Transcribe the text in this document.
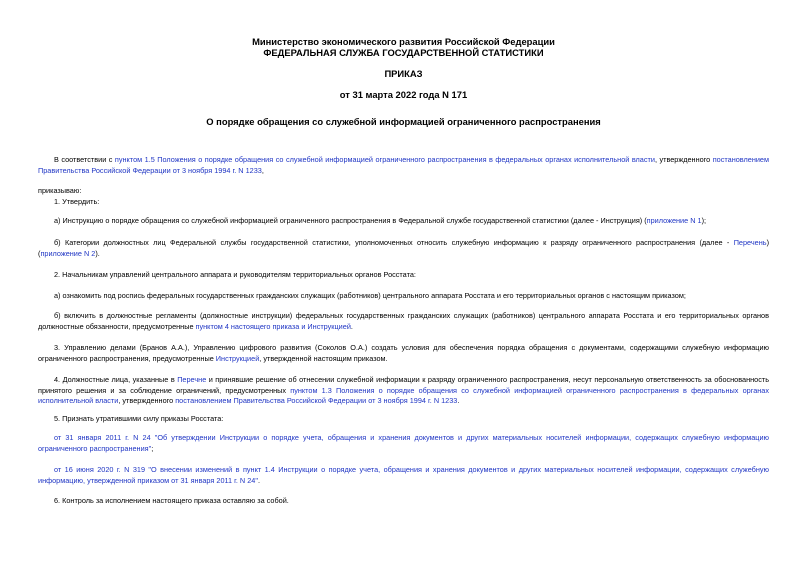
Министерство экономического развития Российской Федерации

ФЕДЕРАЛЬНАЯ СЛУЖБА ГОСУДАРСТВЕННОЙ СТАТИСТИКИ

ПРИКАЗ

от 31 марта 2022 года N 171

О порядке обращения со служебной информацией ограниченного распространения

В соответствии с пунктом 1.5 Положения о порядке обращения со служебной информацией ограниченного распространения в федеральных органах исполнительной власти, утвержденного постановлением Правительства Российской Федерации от 3 ноября 1994 г. N 1233,

приказываю:

1. Утвердить:

а) Инструкцию о порядке обращения со служебной информацией ограниченного распространения в Федеральной службе государственной статистики (далее - Инструкция) (приложение N 1);

б) Категории должностных лиц Федеральной службы государственной статистики, уполномоченных относить служебную информацию к разряду ограниченного распространения (далее - Перечень) (приложение N 2).

2. Начальникам управлений центрального аппарата и руководителям территориальных органов Росстата:

а) ознакомить под роспись федеральных государственных гражданских служащих (работников) центрального аппарата Росстата и его территориальных органов с настоящим приказом;

б) включить в должностные регламенты (должностные инструкции) федеральных государственных гражданских служащих (работников) центрального аппарата Росстата и его территориальных органов должностные обязанности, предусмотренные пунктом 4 настоящего приказа и Инструкцией.

3. Управлению делами (Бранов А.А.), Управлению цифрового развития (Соколов О.А.) создать условия для обеспечения порядка обращения с документами, содержащими служебную информацию ограниченного распространения, предусмотренные Инструкцией, утвержденной настоящим приказом.

4. Должностные лица, указанные в Перечне и принявшие решение об отнесении служебной информации к разряду ограниченного распространения, несут персональную ответственность за обоснованность принятого решения и за соблюдение ограничений, предусмотренных пунктом 1.3 Положения о порядке обращения со служебной информацией ограниченного распространения в федеральных органах исполнительной власти, утвержденного постановлением Правительства Российской Федерации от 3 ноября 1994 г. N 1233.

5. Признать утратившими силу приказы Росстата:

от 31 января 2011 г. N 24 "Об утверждении Инструкции о порядке учета, обращения и хранения документов и других материальных носителей информации, содержащих служебную информацию ограниченного распространения";

от 16 июня 2020 г. N 319 "О внесении изменений в пункт 1.4 Инструкции о порядке учета, обращения и хранения документов и других материальных носителей информации, содержащих служебную информацию, утвержденной приказом от 31 января 2011 г. N 24".

6. Контроль за исполнением настоящего приказа оставляю за собой.
